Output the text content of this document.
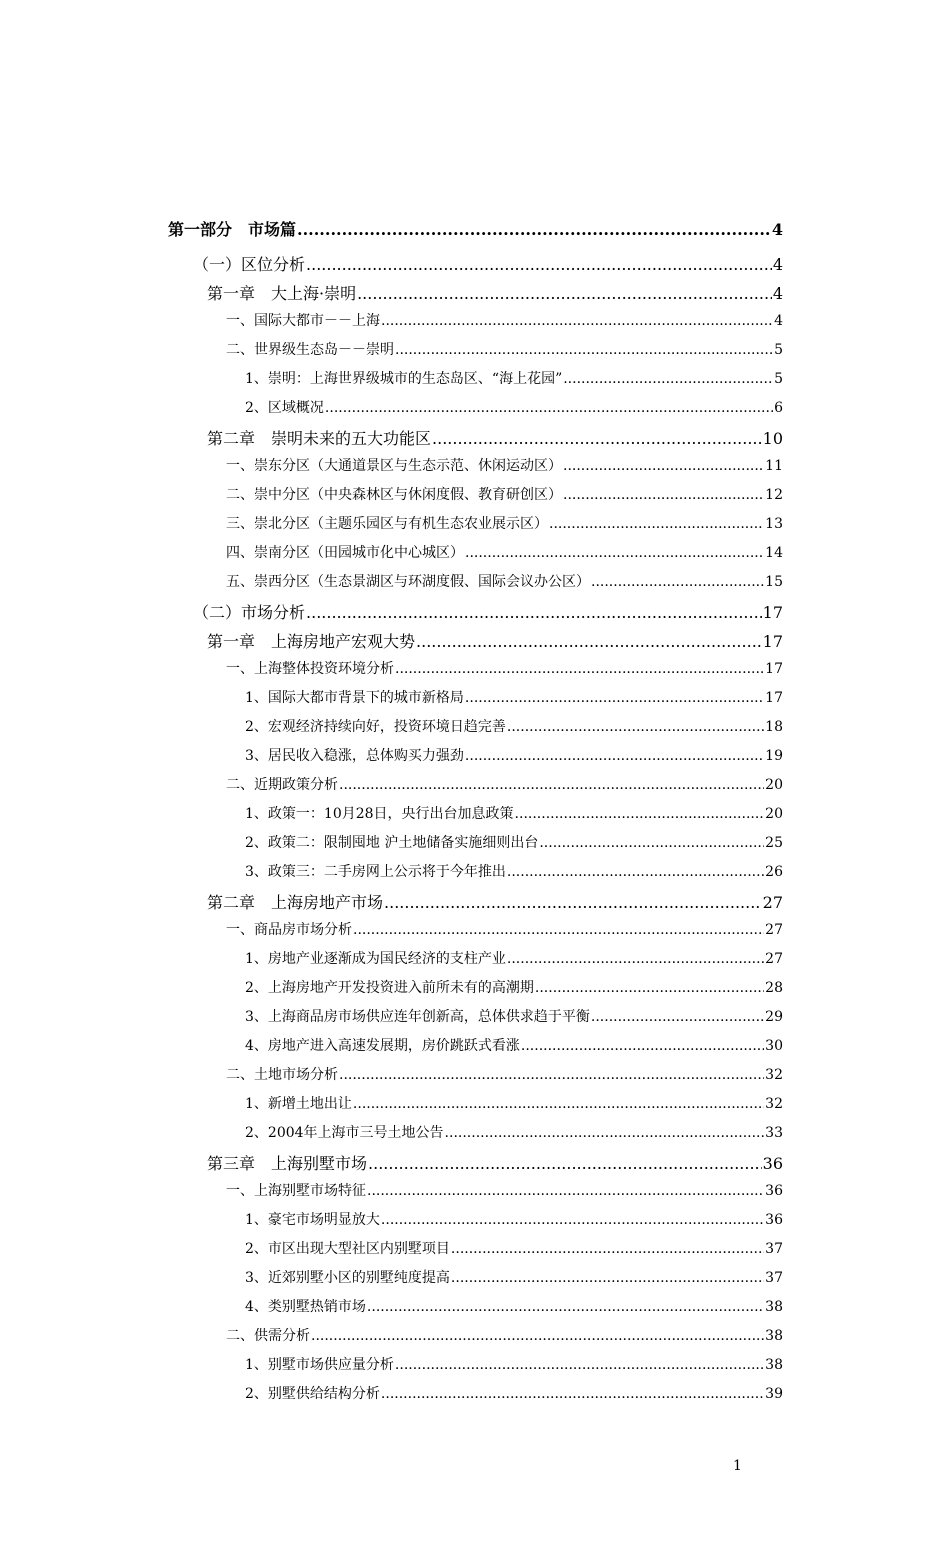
第一部分　市场篇 .....	4
（一）区位分析 .....	4
第一章　大上海·崇明 .....	4
一、国际大都市－－上海 .....	4
二、世界级生态岛－－崇明 .....	5
1、崇明：上海世界级城市的生态岛区、“海上花园” .....	5
2、区域概况 .....	6
第二章　崇明未来的五大功能区 .....	10
一、崇东分区（大通道景区与生态示范、休闲运动区） .....	11
二、崇中分区（中央森林区与休闲度假、教育研创区） .....	12
三、崇北分区（主题乐园区与有机生态农业展示区） .....	13
四、崇南分区（田园城市化中心城区） .....	14
五、崇西分区（生态景湖区与环湖度假、国际会议办公区） .....	15
（二）市场分析 .....	17
第一章　上海房地产宏观大势 .....	17
一、上海整体投资环境分析 .....	17
1、国际大都市背景下的城市新格局 .....	17
2、宏观经济持续向好，投资环境日趋完善 .....	18
3、居民收入稳涨，总体购买力强劲 .....	19
二、近期政策分析 .....	20
1、政策一：10月28日，央行出台加息政策 .....	20
2、政策二：限制囤地 沪土地储备实施细则出台 .....	25
3、政策三：二手房网上公示将于今年推出 .....	26
第二章　上海房地产市场 .....	27
一、商品房市场分析 .....	27
1、房地产业逐渐成为国民经济的支柱产业 .....	27
2、上海房地产开发投资进入前所未有的高潮期 .....	28
3、上海商品房市场供应连年创新高，总体供求趋于平衡 .....	29
4、房地产进入高速发展期，房价跳跃式看涨 .....	30
二、土地市场分析 .....	32
1、新增土地出让 .....	32
2、2004年上海市三号土地公告 .....	33
第三章　上海别墅市场 .....	36
一、上海别墅市场特征 .....	36
1、豪宅市场明显放大 .....	36
2、市区出现大型社区内别墅项目 .....	37
3、近郊别墅小区的别墅纯度提高 .....	37
4、类别墅热销市场 .....	38
二、供需分析 .....	38
1、别墅市场供应量分析 .....	38
2、别墅供给结构分析 .....	39
1
